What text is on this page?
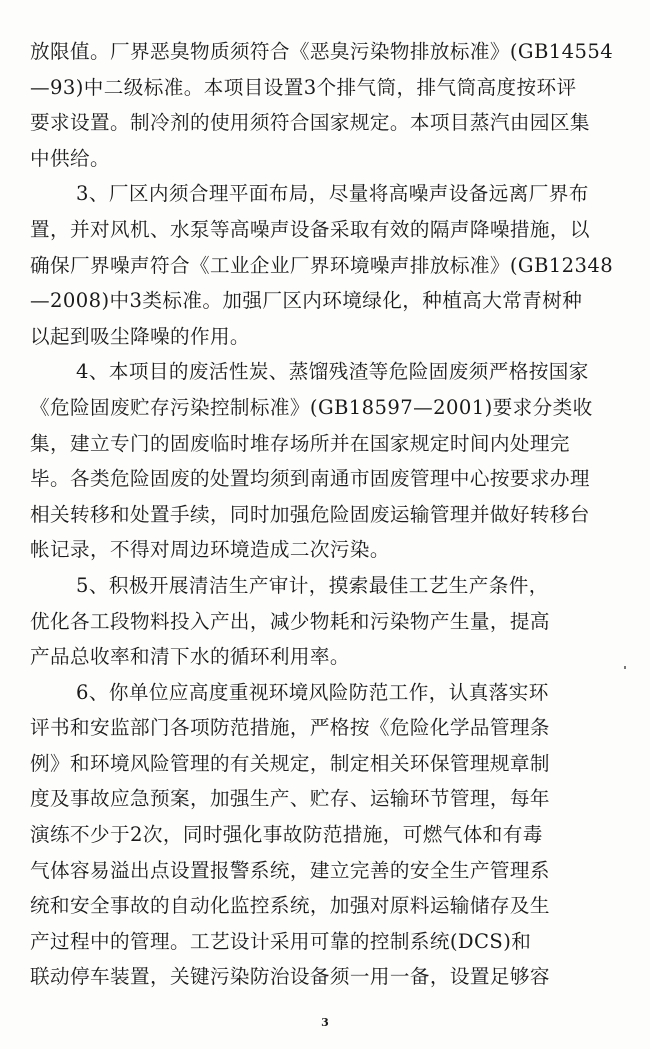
放限值。厂界恶臭物质须符合《恶臭污染物排放标准》(GB14554
—93)中二级标准。本项目设置3个排气筒，排气筒高度按环评
要求设置。制冷剂的使用须符合国家规定。本项目蒸汽由园区集
中供给。
3、厂区内须合理平面布局，尽量将高噪声设备远离厂界布
置，并对风机、水泵等高噪声设备采取有效的隔声降噪措施，以
确保厂界噪声符合《工业企业厂界环境噪声排放标准》(GB12348
—2008)中3类标准。加强厂区内环境绿化，种植高大常青树种
以起到吸尘降噪的作用。
4、本项目的废活性炭、蒸馏残渣等危险固废须严格按国家
《危险固废贮存污染控制标准》(GB18597—2001)要求分类收
集，建立专门的固废临时堆存场所并在国家规定时间内处理完
毕。各类危险固废的处置均须到南通市固废管理中心按要求办理
相关转移和处置手续，同时加强危险固废运输管理并做好转移台
帐记录，不得对周边环境造成二次污染。
5、积极开展清洁生产审计，摸索最佳工艺生产条件，
优化各工段物料投入产出，减少物耗和污染物产生量，提高
产品总收率和清下水的循环利用率。
6、你单位应高度重视环境风险防范工作，认真落实环
评书和安监部门各项防范措施，严格按《危险化学品管理条
例》和环境风险管理的有关规定，制定相关环保管理规章制
度及事故应急预案，加强生产、贮存、运输环节管理，每年
演练不少于2次，同时强化事故防范措施，可燃气体和有毒
气体容易溢出点设置报警系统，建立完善的安全生产管理系
统和安全事故的自动化监控系统，加强对原料运输储存及生
产过程中的管理。工艺设计采用可靠的控制系统(DCS)和
联动停车装置，关键污染防治设备须一用一备，设置足够容
3
